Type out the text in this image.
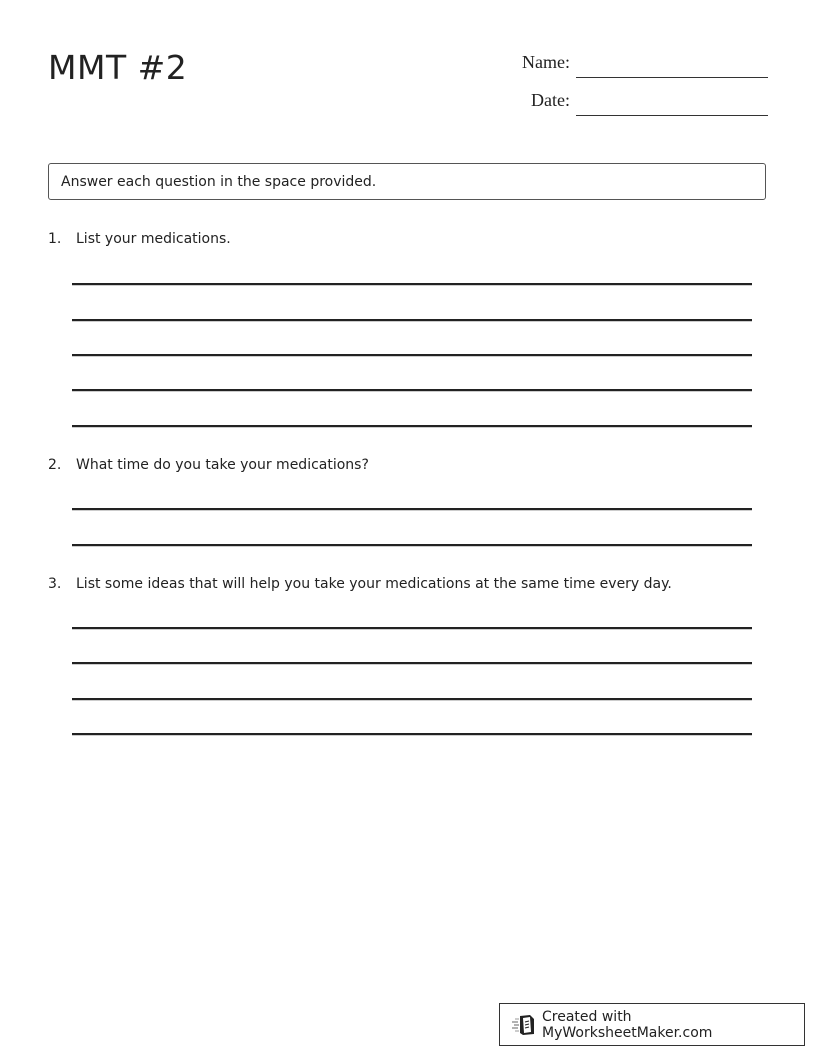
MMT #2	Name:
Date:
Answer each question in the space provided.
1. List your medications.
2. What time do you take your medications?
3. List some ideas that will help you take your medications at the same time every day.
Created with MyWorksheetMaker.com
